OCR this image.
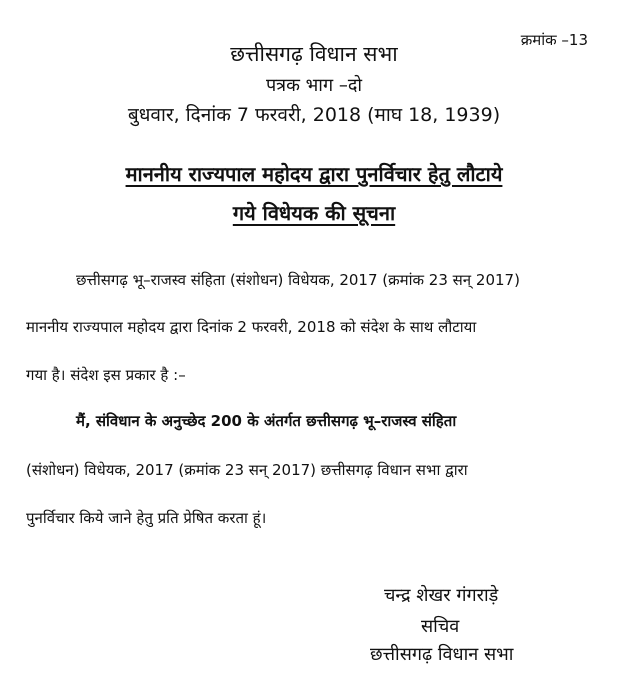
क्रमांक –13
छत्तीसगढ़ विधान सभा
पत्रक भाग –दो
बुधवार, दिनांक 7 फरवरी, 2018 (माघ 18, 1939)
माननीय राज्यपाल महोदय द्वारा पुनर्विचार हेतु लौटाये
गये विधेयक की सूचना
छत्तीसगढ़ भू–राजस्व संहिता (संशोधन) विधेयक, 2017 (क्रमांक 23 सन् 2017)
माननीय राज्यपाल महोदय द्वारा दिनांक 2 फरवरी, 2018 को संदेश के साथ लौटाया
गया है। संदेश इस प्रकार है :–
मैं, संविधान के अनुच्छेद 200 के अंतर्गत छत्तीसगढ़ भू–राजस्व संहिता
(संशोधन) विधेयक, 2017 (क्रमांक 23 सन् 2017) छत्तीसगढ़ विधान सभा द्वारा
पुनर्विचार किये जाने हेतु प्रति प्रेषित करता हूं।
चन्द्र शेखर गंगराड़े
सचिव
छत्तीसगढ़ विधान सभा
